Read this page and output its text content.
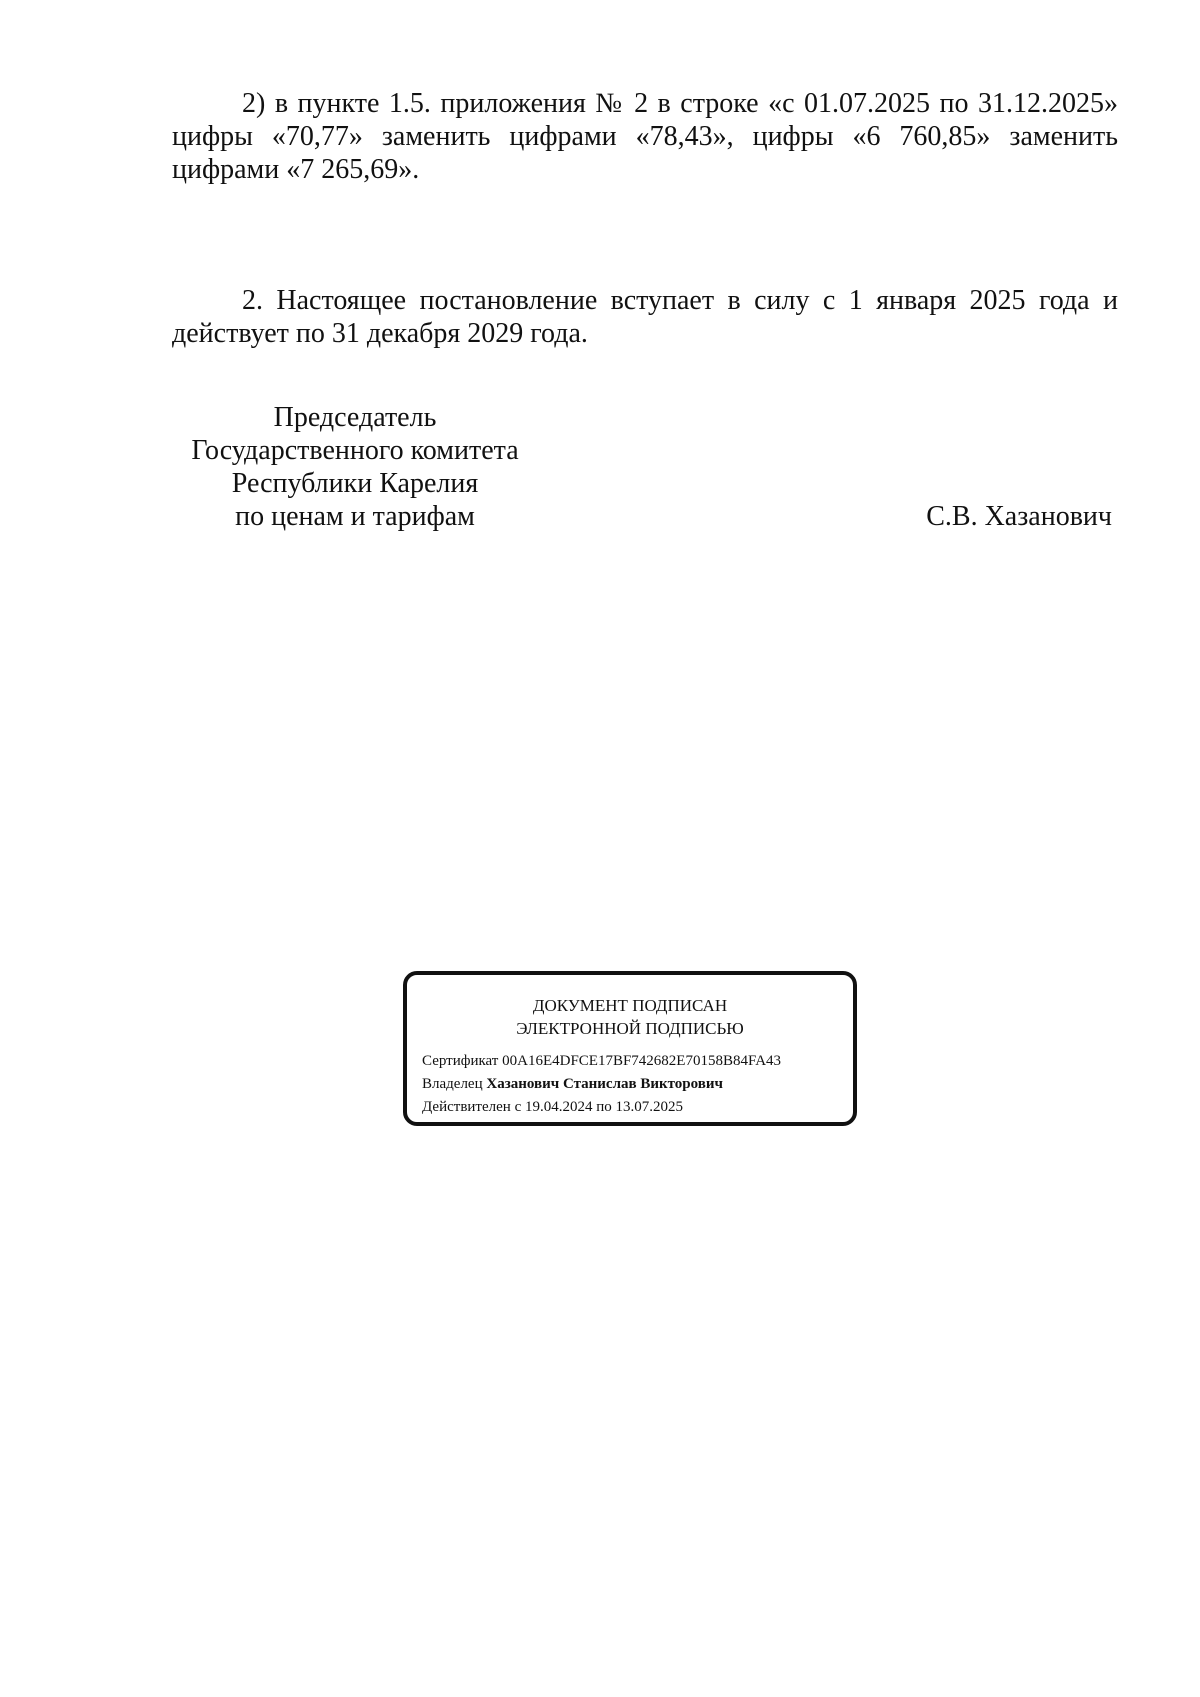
2) в пункте 1.5. приложения № 2 в строке «с 01.07.2025 по 31.12.2025» цифры «70,77» заменить цифрами «78,43», цифры «6 760,85» заменить цифрами «7 265,69».

2. Настоящее постановление вступает в силу с 1 января 2025 года и действует по 31 декабря 2029 года.

Председатель
Государственного комитета
Республики Карелия
по ценам и тарифам	С.В. Хазанович
ДОКУМЕНТ ПОДПИСАН
ЭЛЕКТРОННОЙ ПОДПИСЬЮ
Сертификат 00A16E4DFCE17BF742682E70158B84FA43
Владелец Хазанович Станислав Викторович
Действителен с 19.04.2024 по 13.07.2025
